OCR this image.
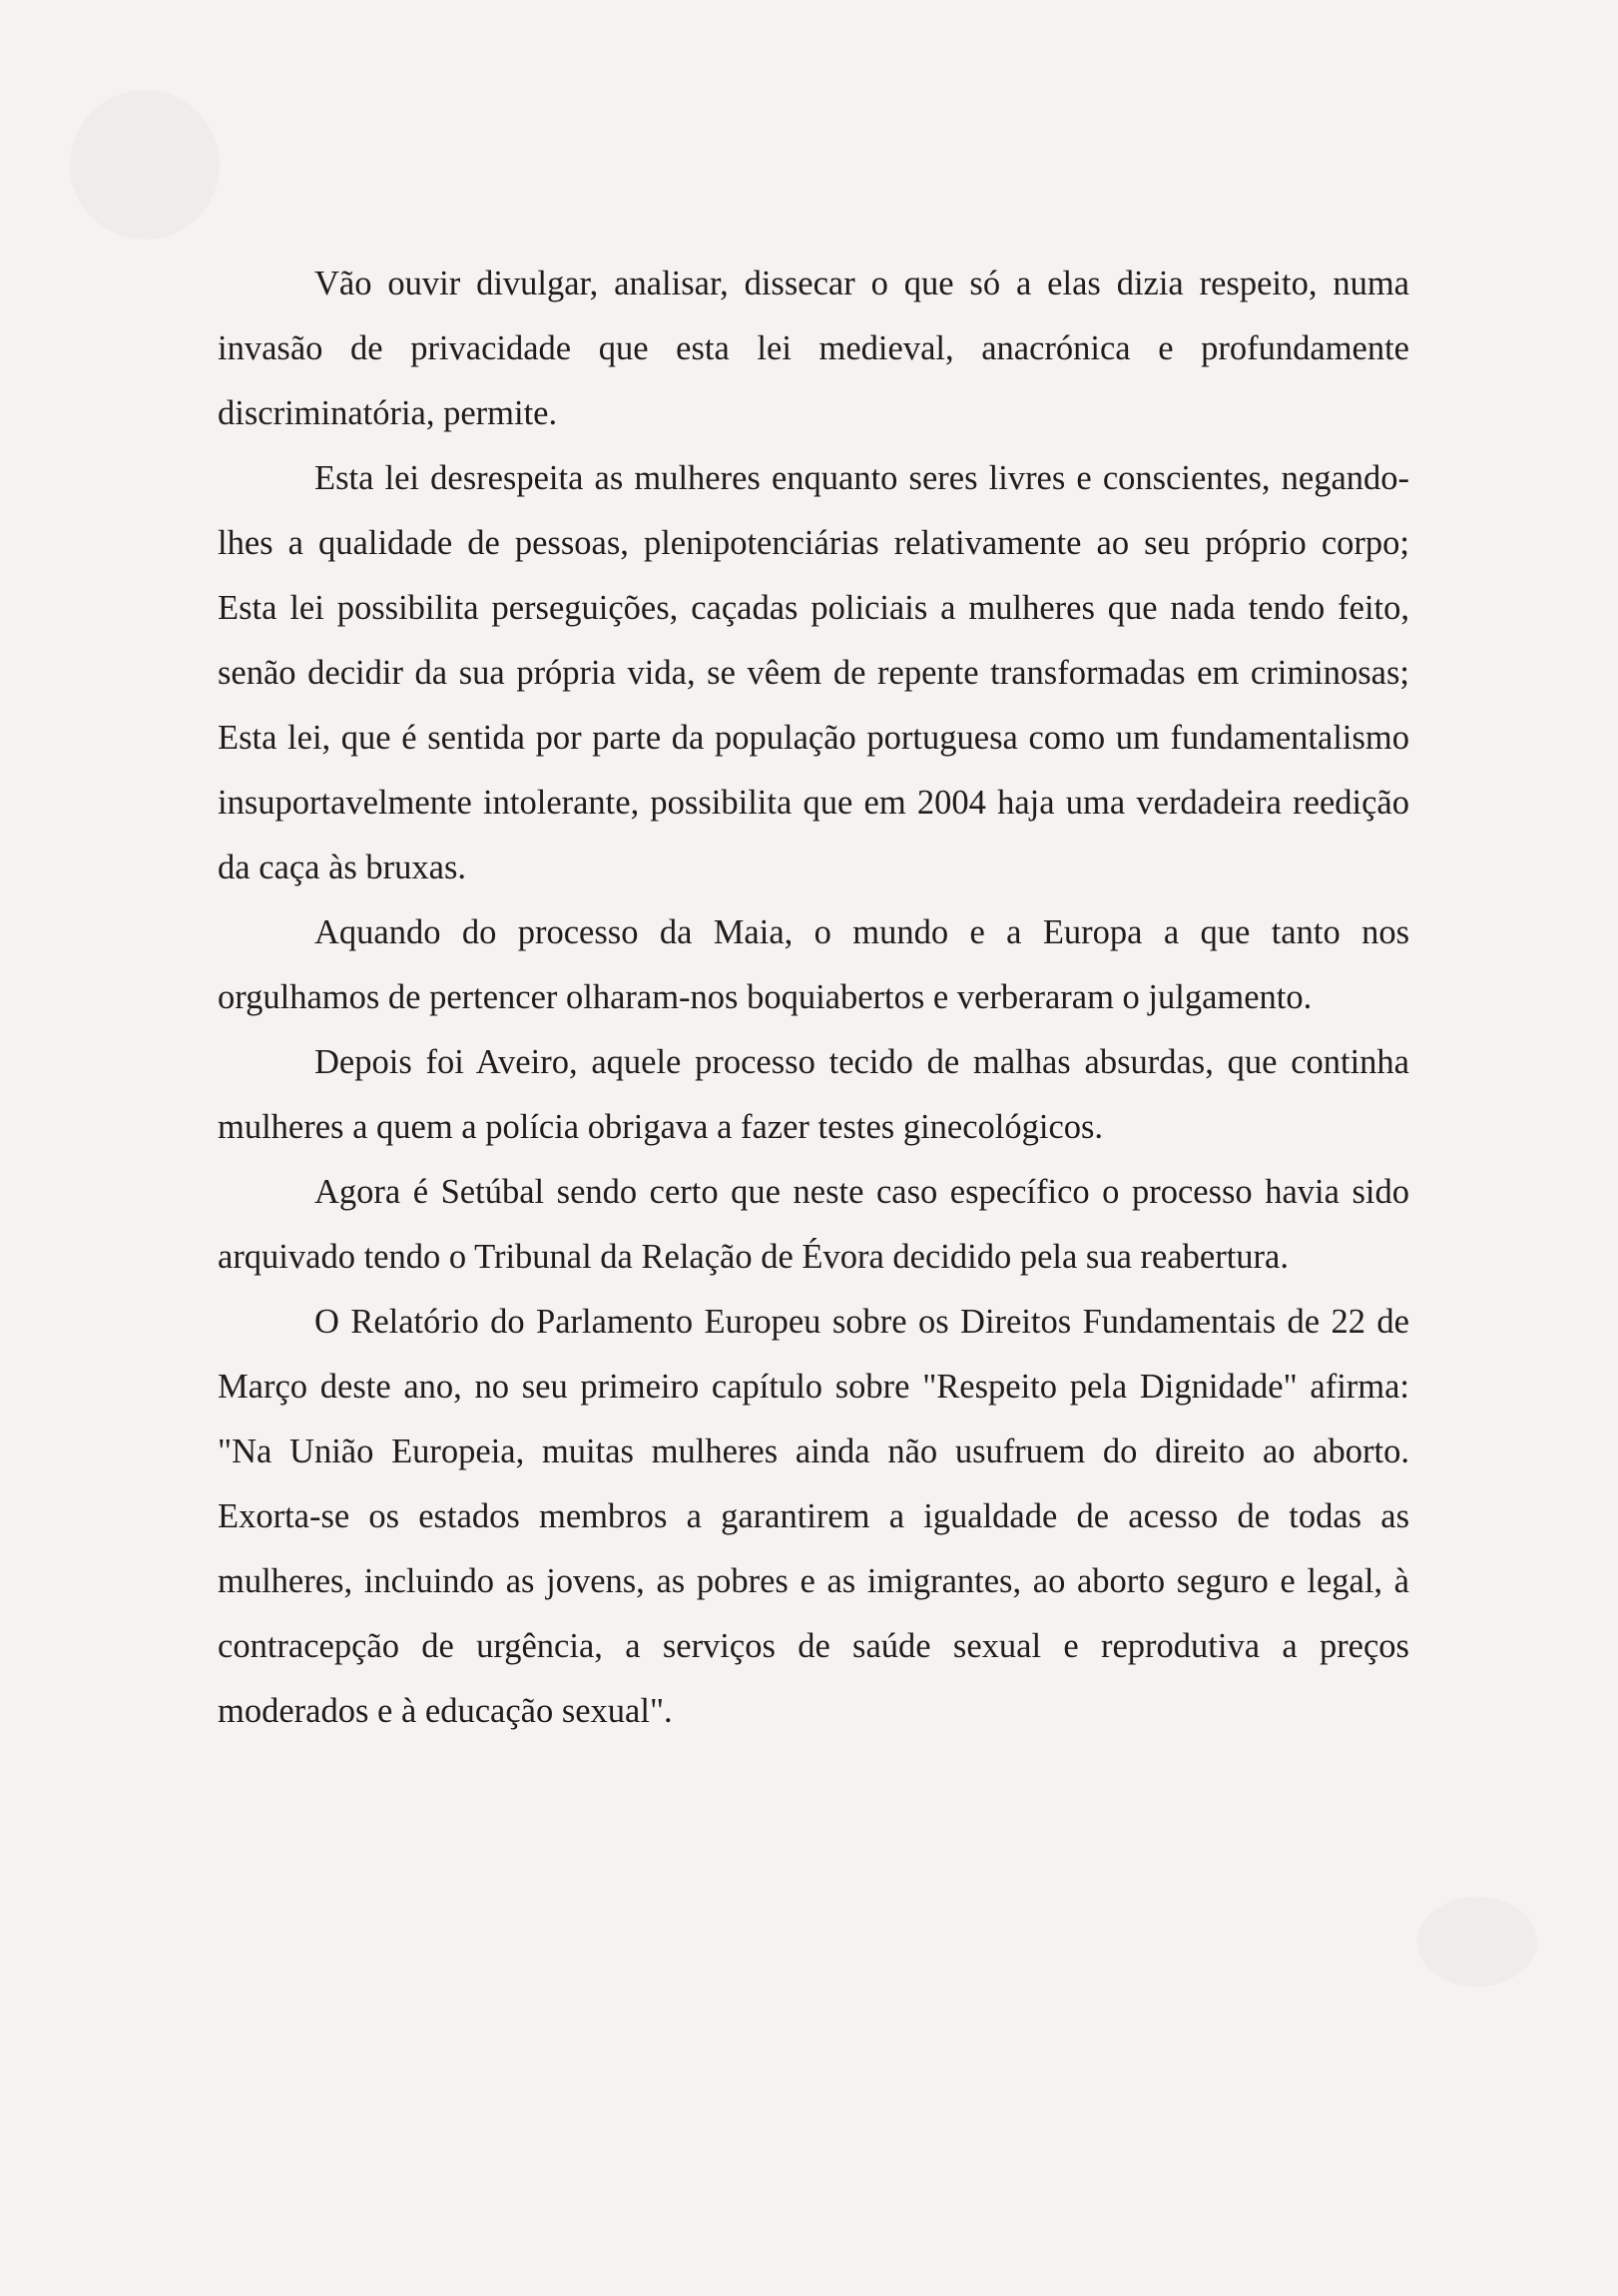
Vão ouvir divulgar, analisar, dissecar o que só a elas dizia respeito, numa invasão de privacidade que esta lei medieval, anacrónica e profundamente discriminatória, permite.

Esta lei desrespeita as mulheres enquanto seres livres e conscientes, negando-lhes a qualidade de pessoas, plenipotenciárias relativamente ao seu próprio corpo; Esta lei possibilita perseguições, caçadas policiais a mulheres que nada tendo feito, senão decidir da sua própria vida, se vêem de repente transformadas em criminosas; Esta lei, que é sentida por parte da população portuguesa como um fundamentalismo insuportavelmente intolerante, possibilita que em 2004 haja uma verdadeira reedição da caça às bruxas.

Aquando do processo da Maia, o mundo e a Europa a que tanto nos orgulhamos de pertencer olharam-nos boquiabertos e verberaram o julgamento.

Depois foi Aveiro, aquele processo tecido de malhas absurdas, que continha mulheres a quem a polícia obrigava a fazer testes ginecológicos.

Agora é Setúbal sendo certo que neste caso específico o processo havia sido arquivado tendo o Tribunal da Relação de Évora decidido pela sua reabertura.

O Relatório do Parlamento Europeu sobre os Direitos Fundamentais de 22 de Março deste ano, no seu primeiro capítulo sobre "Respeito pela Dignidade" afirma: "Na União Europeia, muitas mulheres ainda não usufruem do direito ao aborto. Exorta-se os estados membros a garantirem a igualdade de acesso de todas as mulheres, incluindo as jovens, as pobres e as imigrantes, ao aborto seguro e legal, à contracepção de urgência, a serviços de saúde sexual e reprodutiva a preços moderados e à educação sexual".
